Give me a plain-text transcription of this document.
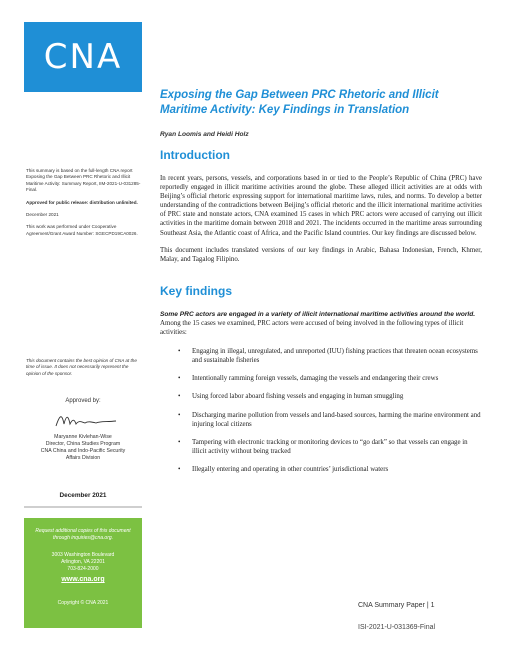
CNA

This summary is based on the full-length CNA report Exposing the Gap Between PRC Rhetoric and Illicit Maritime Activity: Summary Report, IIM-2021-U-031285-Final.

Approved for public release: distribution unlimited.

December 2021

This work was performed under Cooperative Agreement/Grant Award Number: SGECPD19CA0026.

This document contains the best opinion of CNA at the time of issue. It does not necessarily represent the opinion of the sponsor.
Approved by:
Maryanne Kivlehan-Wise
Director, China Studies Program
CNA China and Indo-Pacific Security
Affairs Division
December 2021
Request additional copies of this document through inquiries@cna.org.
3003 Washington Boulevard
Arlington, VA 22201
703-824-2000
www.cna.org
Copyright © CNA 2021
Exposing the Gap Between PRC Rhetoric and Illicit Maritime Activity: Key Findings in Translation
Ryan Loomis and Heidi Holz
Introduction

In recent years, persons, vessels, and corporations based in or tied to the People’s Republic of China (PRC) have reportedly engaged in illicit maritime activities around the globe. These alleged illicit activities are at odds with Beijing’s official rhetoric expressing support for international maritime laws, rules, and norms. To develop a better understanding of the contradictions between Beijing’s official rhetoric and the illicit international maritime activities of PRC state and nonstate actors, CNA examined 15 cases in which PRC actors were accused of carrying out illicit activities in the maritime domain between 2018 and 2021. The incidents occurred in the maritime areas surrounding Southeast Asia, the Atlantic coast of Africa, and the Pacific Island countries. Our key findings are discussed below.

This document includes translated versions of our key findings in Arabic, Bahasa Indonesian, French, Khmer, Malay, and Tagalog Filipino.

Key findings

Some PRC actors are engaged in a variety of illicit international maritime activities around the world. Among the 15 cases we examined, PRC actors were accused of being involved in the following types of illicit activities:

• Engaging in illegal, unregulated, and unreported (IUU) fishing practices that threaten ocean ecosystems and sustainable fisheries
• Intentionally ramming foreign vessels, damaging the vessels and endangering their crews
• Using forced labor aboard fishing vessels and engaging in human smuggling
• Discharging marine pollution from vessels and land-based sources, harming the marine environment and injuring local citizens
• Tampering with electronic tracking or monitoring devices to “go dark” so that vessels can engage in illicit activity without being tracked
• Illegally entering and operating in other countries’ jurisdictional waters
CNA Summary Paper | 1
ISI-2021-U-031369-Final
